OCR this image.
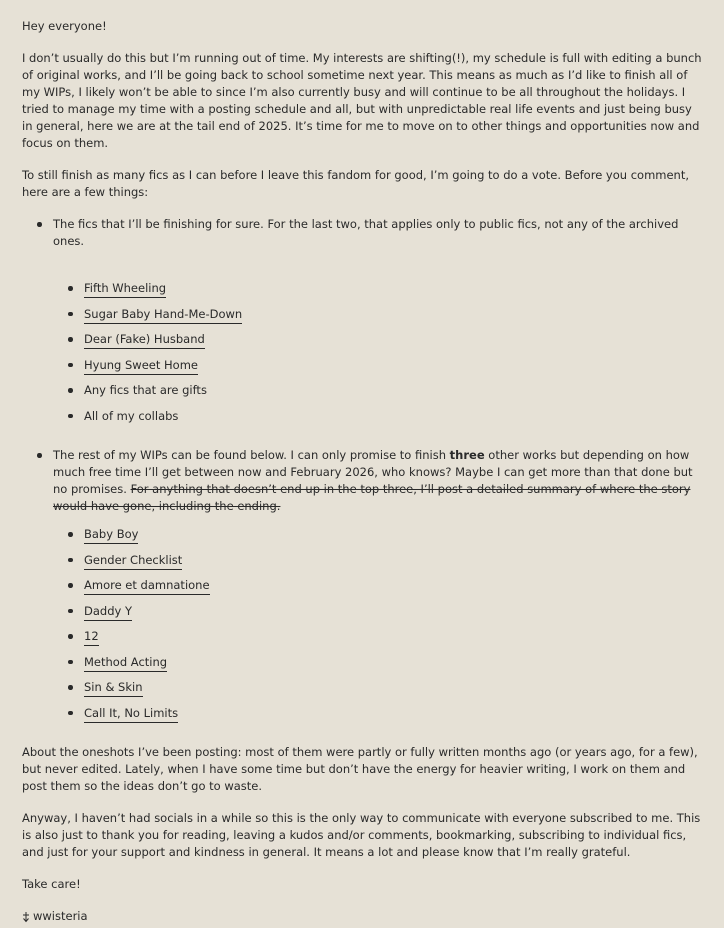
Hey everyone!

I don’t usually do this but I’m running out of time. My interests are shifting(!), my schedule is full with editing a bunch of original works, and I’ll be going back to school sometime next year. This means as much as I’d like to finish all of my WIPs, I likely won’t be able to since I’m also currently busy and will continue to be all throughout the holidays. I tried to manage my time with a posting schedule and all, but with unpredictable real life events and just being busy in general, here we are at the tail end of 2025. It’s time for me to move on to other things and opportunities now and focus on them.

To still finish as many fics as I can before I leave this fandom for good, I’m going to do a vote. Before you comment, here are a few things:

The fics that I’ll be finishing for sure. For the last two, that applies only to public fics, not any of the archived ones.
Fifth Wheeling
Sugar Baby Hand-Me-Down
Dear (Fake) Husband
Hyung Sweet Home
Any fics that are gifts
All of my collabs
The rest of my WIPs can be found below. I can only promise to finish three other works but depending on how much free time I’ll get between now and February 2026, who knows? Maybe I can get more than that done but no promises. For anything that doesn’t end up in the top three, I’ll post a detailed summary of where the story would have gone, including the ending.
Baby Boy
Gender Checklist
Amore et damnatione
Daddy Y
12
Method Acting
Sin & Skin
Call It, No Limits

About the oneshots I’ve been posting: most of them were partly or fully written months ago (or years ago, for a few), but never edited. Lately, when I have some time but don’t have the energy for heavier writing, I work on them and post them so the ideas don’t go to waste.

Anyway, I haven’t had socials in a while so this is the only way to communicate with everyone subscribed to me. This is also just to thank you for reading, leaving a kudos and/or comments, bookmarking, subscribing to individual fics, and just for your support and kindness in general. It means a lot and please know that I’m really grateful.

Take care!

wwisteria
